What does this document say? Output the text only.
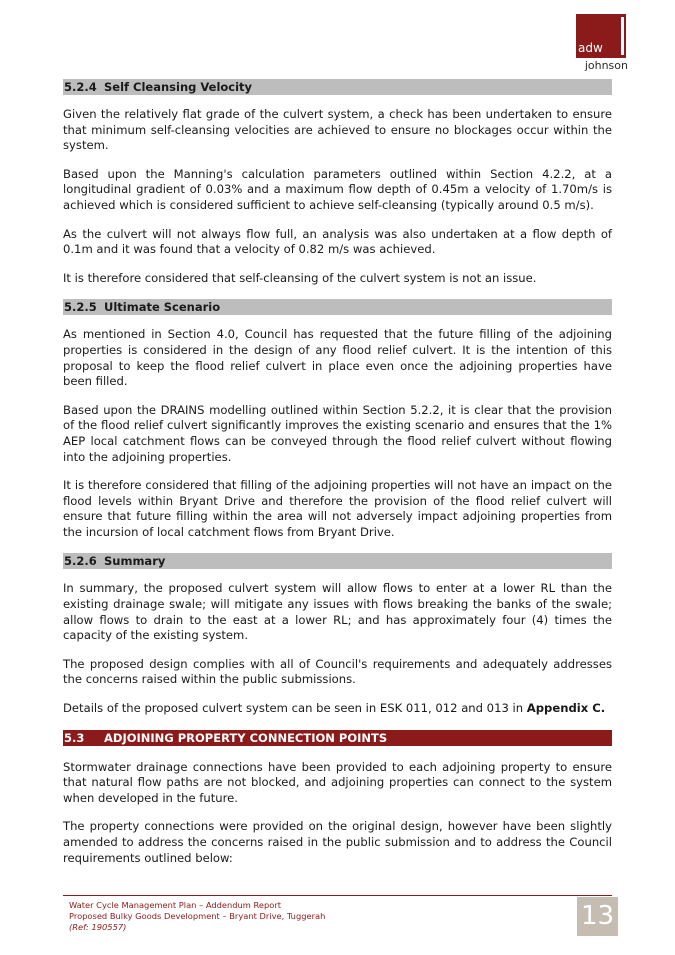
adw
johnson
5.2.4 Self Cleansing Velocity

Given the relatively flat grade of the culvert system, a check has been undertaken to ensure that minimum self-cleansing velocities are achieved to ensure no blockages occur within the system.

Based upon the Manning's calculation parameters outlined within Section 4.2.2, at a longitudinal gradient of 0.03% and a maximum flow depth of 0.45m a velocity of 1.70m/s is achieved which is considered sufficient to achieve self-cleansing (typically around 0.5 m/s).

As the culvert will not always flow full, an analysis was also undertaken at a flow depth of 0.1m and it was found that a velocity of 0.82 m/s was achieved.

It is therefore considered that self-cleansing of the culvert system is not an issue.

5.2.5 Ultimate Scenario

As mentioned in Section 4.0, Council has requested that the future filling of the adjoining properties is considered in the design of any flood relief culvert. It is the intention of this proposal to keep the flood relief culvert in place even once the adjoining properties have been filled.

Based upon the DRAINS modelling outlined within Section 5.2.2, it is clear that the provision of the flood relief culvert significantly improves the existing scenario and ensures that the 1% AEP local catchment flows can be conveyed through the flood relief culvert without flowing into the adjoining properties.

It is therefore considered that filling of the adjoining properties will not have an impact on the flood levels within Bryant Drive and therefore the provision of the flood relief culvert will ensure that future filling within the area will not adversely impact adjoining properties from the incursion of local catchment flows from Bryant Drive.

5.2.6 Summary

In summary, the proposed culvert system will allow flows to enter at a lower RL than the existing drainage swale; will mitigate any issues with flows breaking the banks of the swale; allow flows to drain to the east at a lower RL; and has approximately four (4) times the capacity of the existing system.

The proposed design complies with all of Council's requirements and adequately addresses the concerns raised within the public submissions.

Details of the proposed culvert system can be seen in ESK 011, 012 and 013 in Appendix C.

5.3 ADJOINING PROPERTY CONNECTION POINTS

Stormwater drainage connections have been provided to each adjoining property to ensure that natural flow paths are not blocked, and adjoining properties can connect to the system when developed in the future.

The property connections were provided on the original design, however have been slightly amended to address the concerns raised in the public submission and to address the Council requirements outlined below:

Water Cycle Management Plan – Addendum Report
Proposed Bulky Goods Development – Bryant Drive, Tuggerah
(Ref: 190557)	13
